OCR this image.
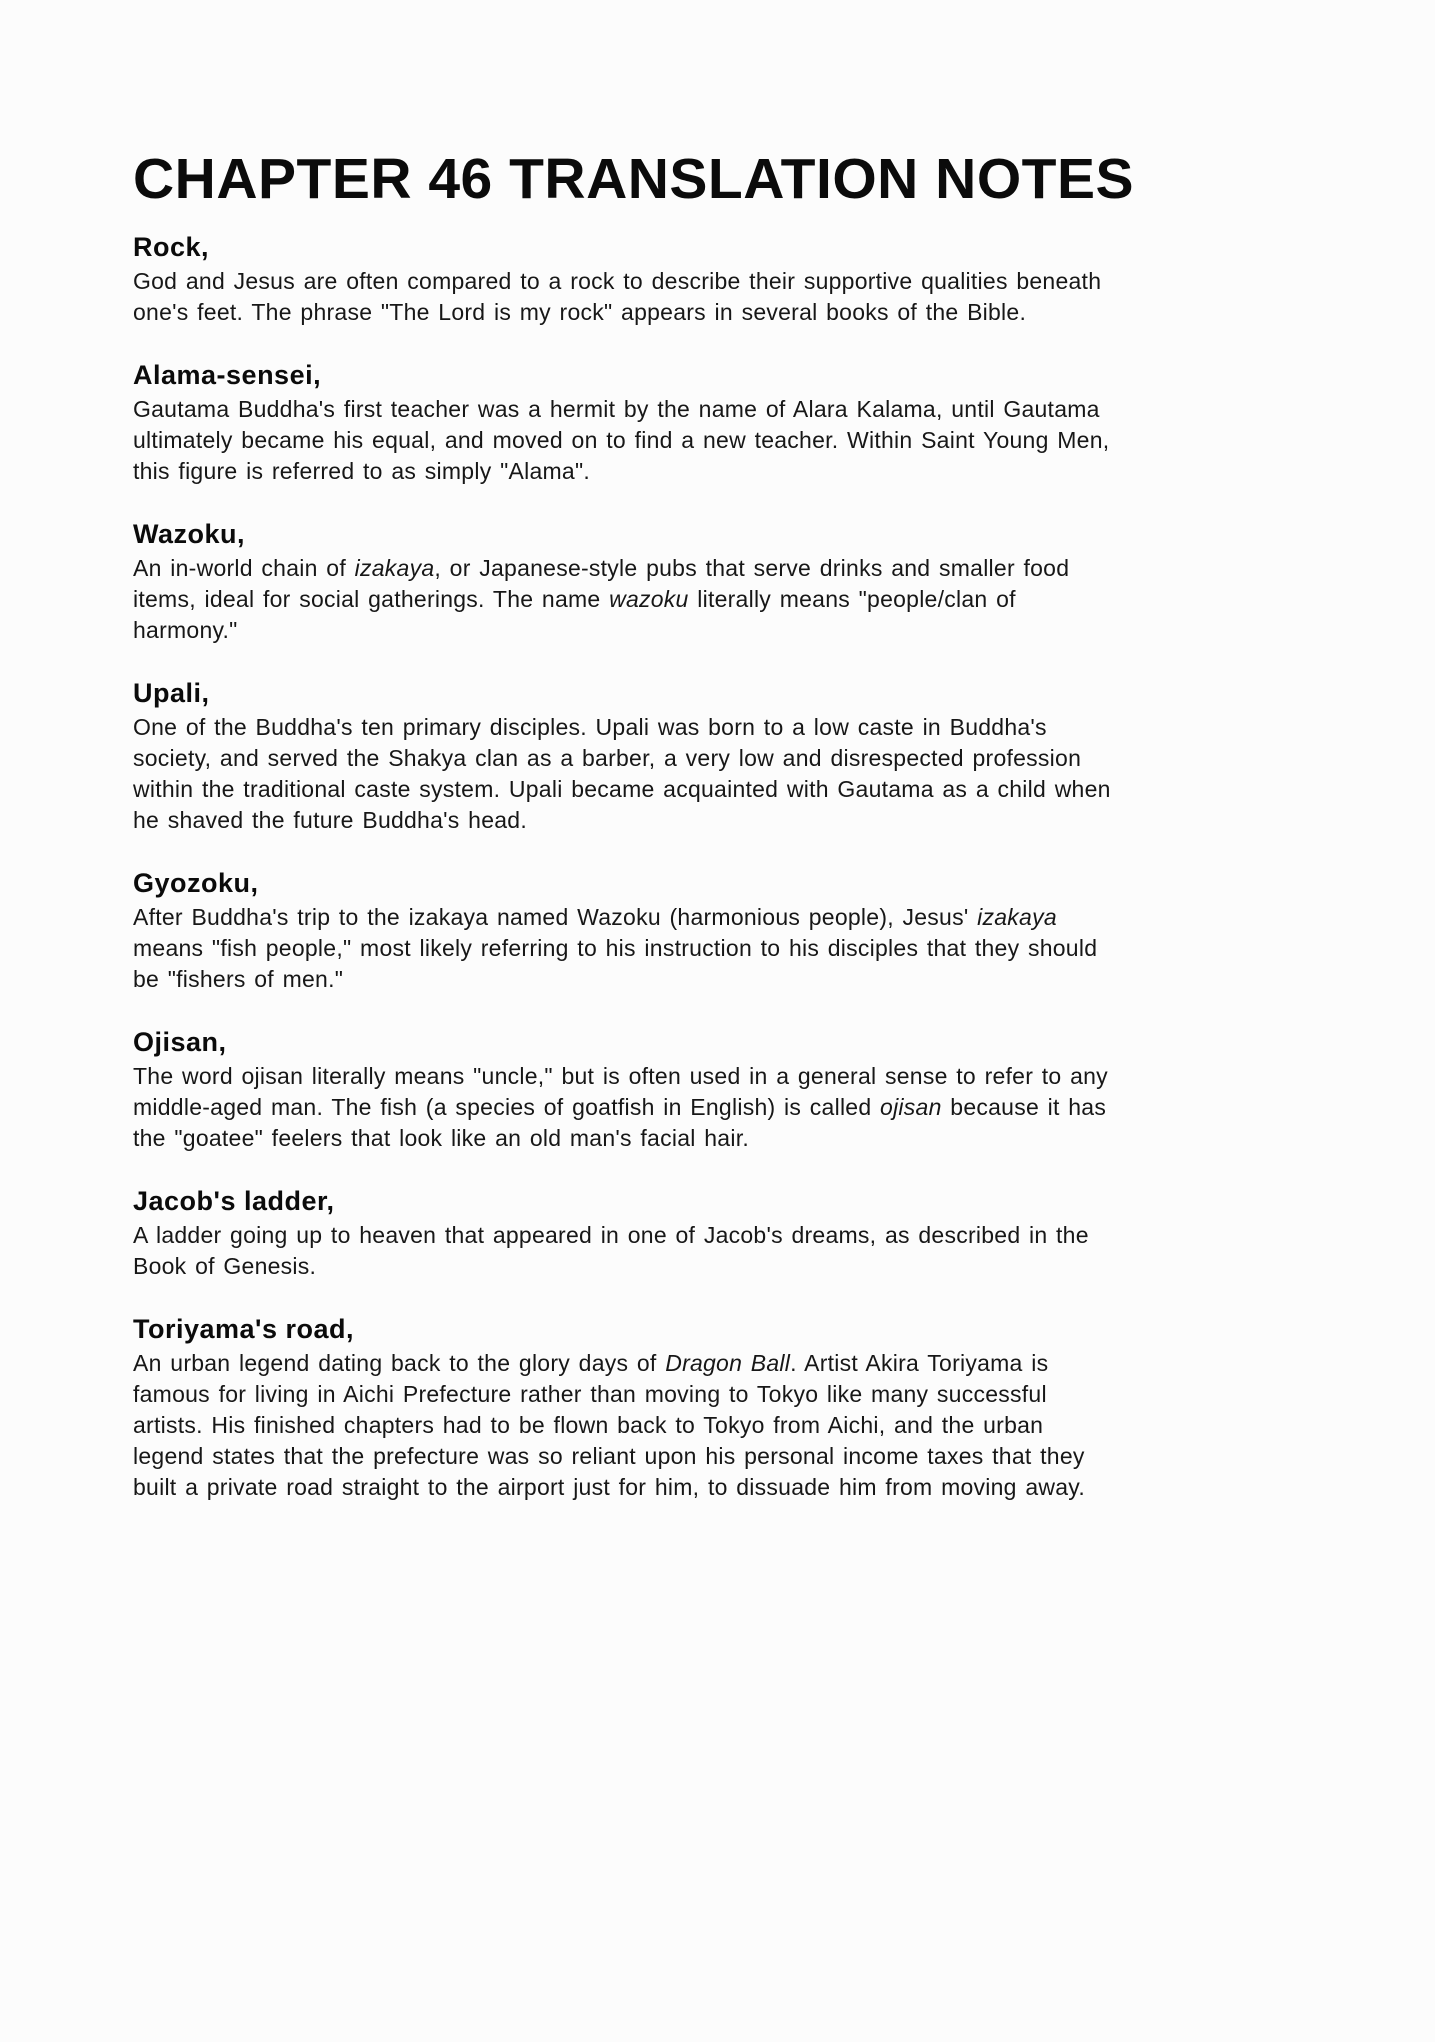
CHAPTER 46 TRANSLATION NOTES
Rock,

God and Jesus are often compared to a rock to describe their supportive qualities beneath
one's feet. The phrase "The Lord is my rock" appears in several books of the Bible.

Alama-sensei,

Gautama Buddha's first teacher was a hermit by the name of Alara Kalama, until Gautama
ultimately became his equal, and moved on to find a new teacher. Within Saint Young Men,
this figure is referred to as simply "Alama".

Wazoku,

An in-world chain of izakaya, or Japanese-style pubs that serve drinks and smaller food
items, ideal for social gatherings. The name wazoku literally means "people/clan of
harmony."

Upali,

One of the Buddha's ten primary disciples. Upali was born to a low caste in Buddha's
society, and served the Shakya clan as a barber, a very low and disrespected profession
within the traditional caste system. Upali became acquainted with Gautama as a child when
he shaved the future Buddha's head.

Gyozoku,

After Buddha's trip to the izakaya named Wazoku (harmonious people), Jesus' izakaya
means "fish people," most likely referring to his instruction to his disciples that they should
be "fishers of men."

Ojisan,

The word ojisan literally means "uncle," but is often used in a general sense to refer to any
middle-aged man. The fish (a species of goatfish in English) is called ojisan because it has
the "goatee" feelers that look like an old man's facial hair.

Jacob's ladder,

A ladder going up to heaven that appeared in one of Jacob's dreams, as described in the
Book of Genesis.

Toriyama's road,

An urban legend dating back to the glory days of Dragon Ball. Artist Akira Toriyama is
famous for living in Aichi Prefecture rather than moving to Tokyo like many successful
artists. His finished chapters had to be flown back to Tokyo from Aichi, and the urban
legend states that the prefecture was so reliant upon his personal income taxes that they
built a private road straight to the airport just for him, to dissuade him from moving away.
